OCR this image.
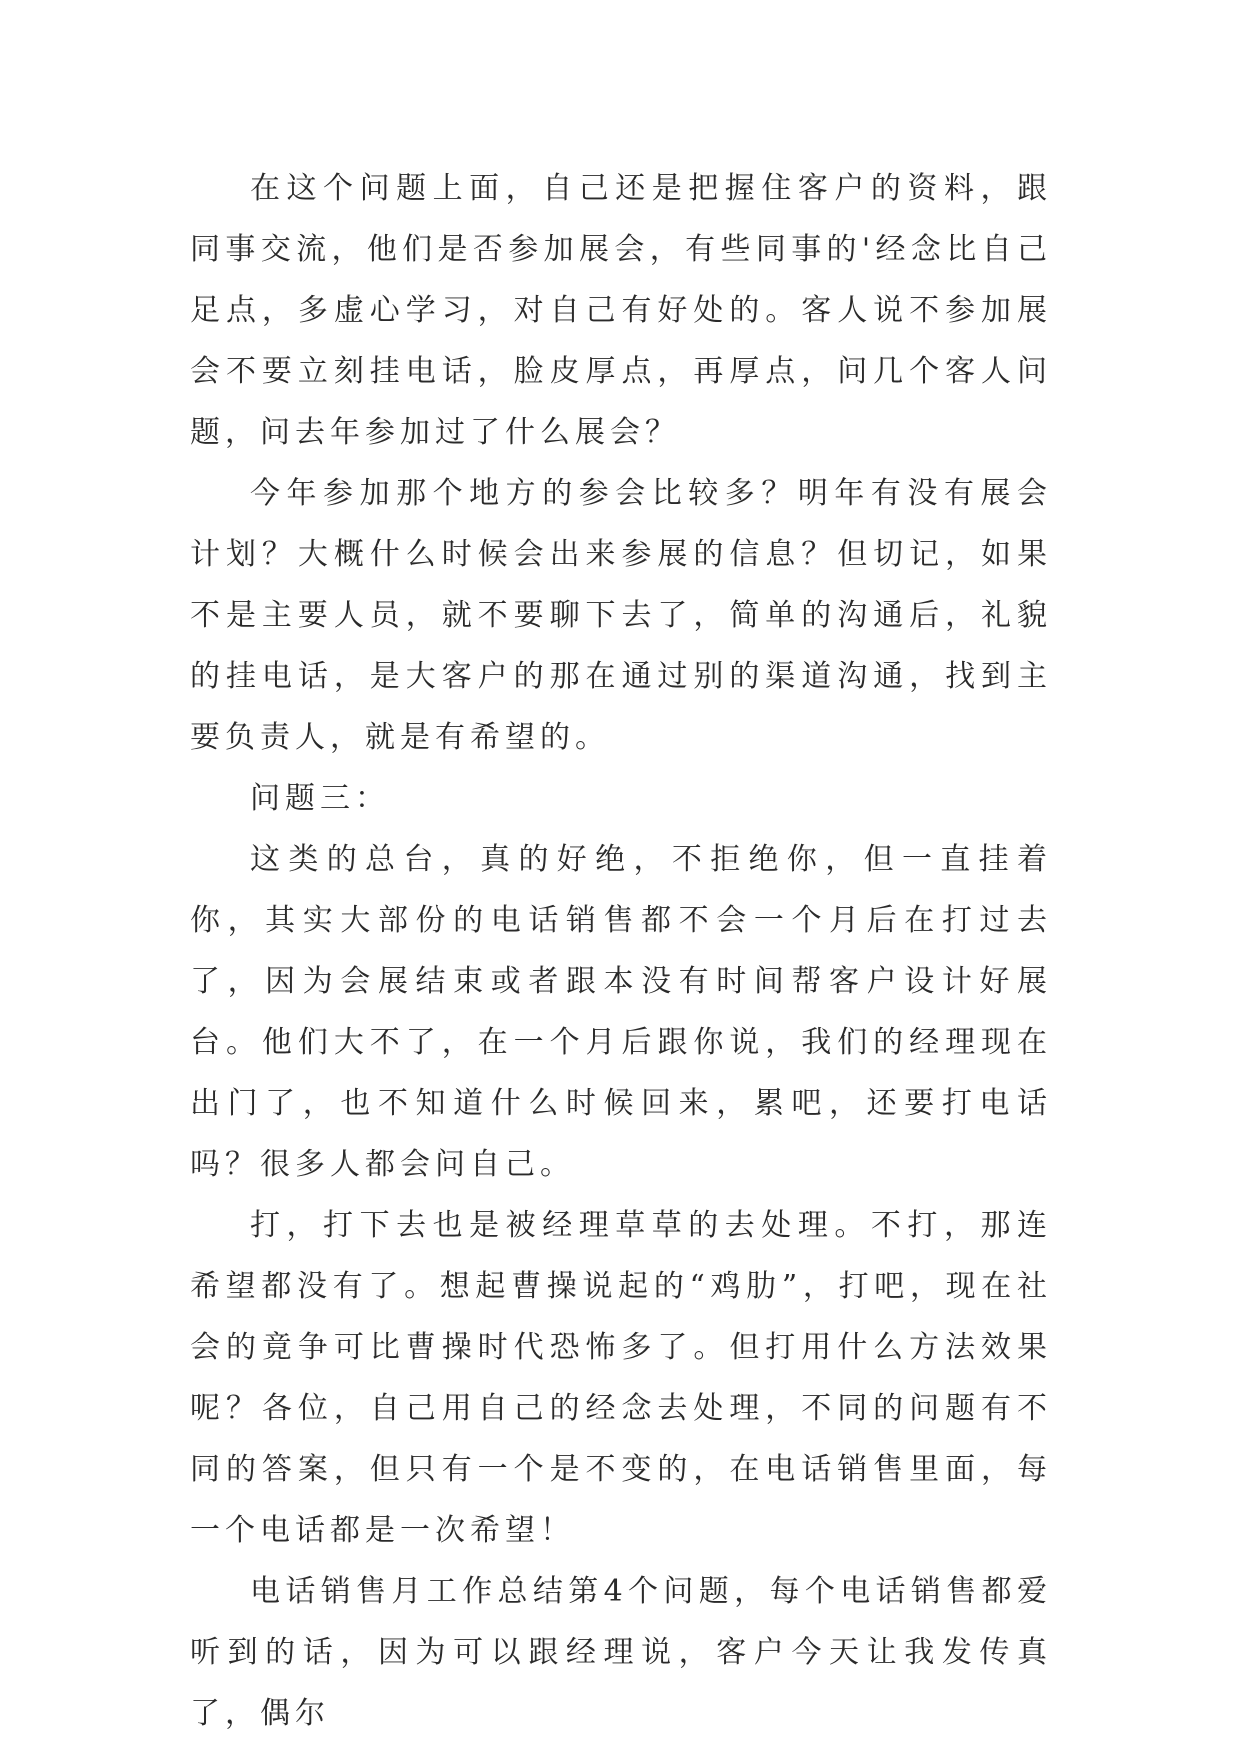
在这个问题上面，自己还是把握住客户的资料，跟同事交流，他们是否参加展会，有些同事的'经念比自己足点，多虚心学习，对自己有好处的。客人说不参加展会不要立刻挂电话，脸皮厚点，再厚点，问几个客人问题，问去年参加过了什么展会？

今年参加那个地方的参会比较多？明年有没有展会计划？大概什么时候会出来参展的信息？但切记，如果不是主要人员，就不要聊下去了，简单的沟通后，礼貌的挂电话，是大客户的那在通过别的渠道沟通，找到主要负责人，就是有希望的。

问题三：

这类的总台，真的好绝，不拒绝你，但一直挂着你，其实大部份的电话销售都不会一个月后在打过去了，因为会展结束或者跟本没有时间帮客户设计好展台。他们大不了，在一个月后跟你说，我们的经理现在出门了，也不知道什么时候回来，累吧，还要打电话吗？很多人都会问自己。

打，打下去也是被经理草草的去处理。不打，那连希望都没有了。想起曹操说起的“鸡肋”，打吧，现在社会的竟争可比曹操时代恐怖多了。但打用什么方法效果呢？各位，自己用自己的经念去处理，不同的问题有不同的答案，但只有一个是不变的，在电话销售里面，每一个电话都是一次希望！

电话销售月工作总结第4个问题，每个电话销售都爱听到的话，因为可以跟经理说，客户今天让我发传真了，偶尔
